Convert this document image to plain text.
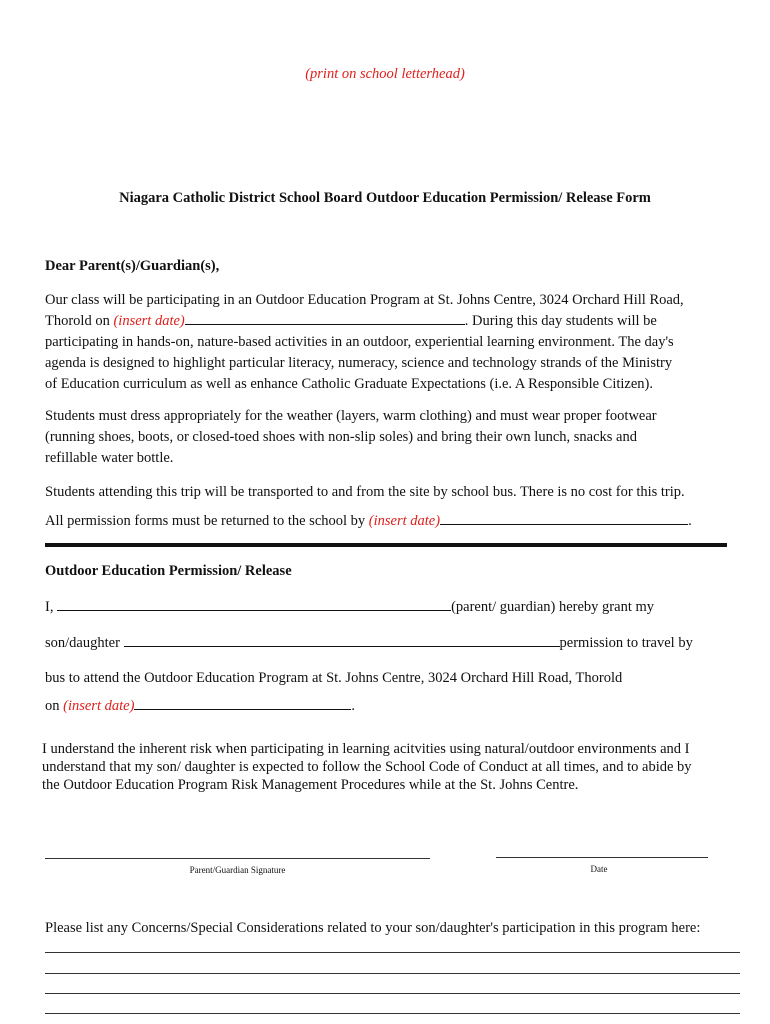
(print on school letterhead)
Niagara Catholic District School Board Outdoor Education Permission/ Release Form
Dear Parent(s)/Guardian(s),
Our class will be participating in an Outdoor Education Program at St. Johns Centre, 3024 Orchard Hill Road,
Thorold on (insert date)	. During this day students will be
participating in hands-on, nature-based activities in an outdoor, experiential learning environment. The day's
agenda is designed to highlight particular literacy, numeracy, science and technology strands of the Ministry
of Education curriculum as well as enhance Catholic Graduate Expectations (i.e. A Responsible Citizen).
Students must dress appropriately for the weather (layers, warm clothing) and must wear proper footwear
(running shoes, boots, or closed-toed shoes with non-slip soles) and bring their own lunch, snacks and
refillable water bottle.
Students attending this trip will be transported to and from the site by school bus. There is no cost for this trip.
All permission forms must be returned to the school by (insert date)	.
Outdoor Education Permission/ Release
I,	(parent/ guardian) hereby grant my
son/daughter	permission to travel by
bus to attend the Outdoor Education Program at St. Johns Centre, 3024 Orchard Hill Road, Thorold
on (insert date)	.
I understand the inherent risk when participating in learning acitvities using natural/outdoor environments and I
understand that my son/ daughter is expected to follow the School Code of Conduct at all times, and to abide by
the Outdoor Education Program Risk Management Procedures while at the St. Johns Centre.
Parent/Guardian Signature	Date
Please list any Concerns/Special Considerations related to your son/daughter's participation in this program here:
